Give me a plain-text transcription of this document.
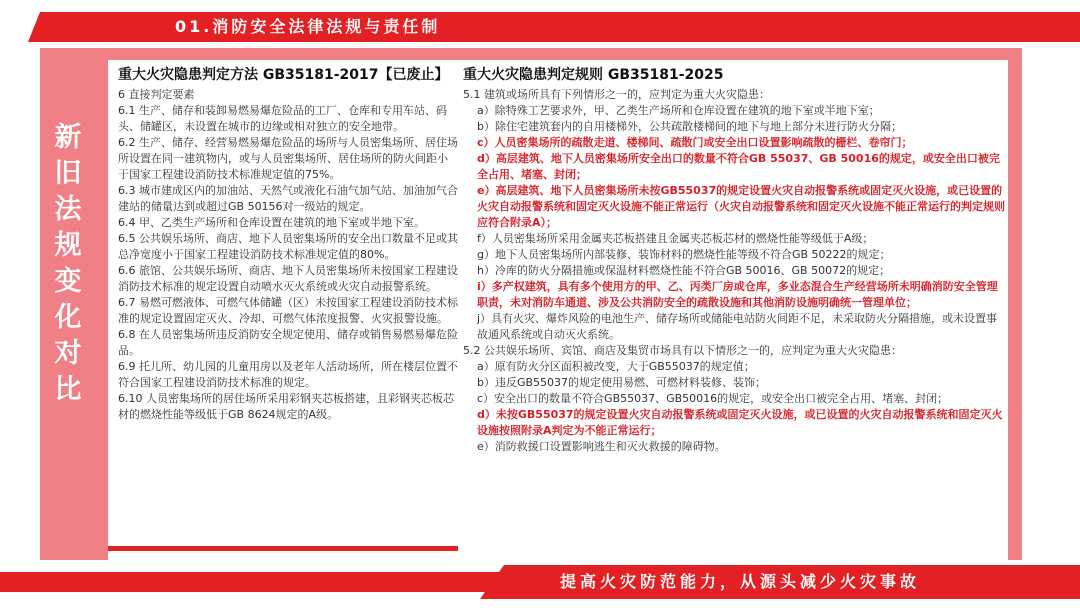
01.消防安全法律法规与责任制
新
旧
法
规
变
化
对
比
重大火灾隐患判定方法 GB35181-2017【已废止】
6 直接判定要素
6.1 生产、储存和装卸易燃易爆危险品的工厂、仓库和专用车站、码头、储罐区，未设置在城市的边缘或相对独立的安全地带。
6.2 生产、储存、经营易燃易爆危险品的场所与人员密集场所、居住场所设置在同一建筑物内，或与人员密集场所、居住场所的防火间距小于国家工程建设消防技术标准规定值的75%。
6.3 城市建成区内的加油站、天然气或液化石油气加气站、加油加气合建站的储量达到或超过GB 50156对一级站的规定。
6.4 甲、乙类生产场所和仓库设置在建筑的地下室或半地下室。
6.5 公共娱乐场所、商店、地下人员密集场所的安全出口数量不足或其总净宽度小于国家工程建设消防技术标准规定值的80%。
6.6 旅馆、公共娱乐场所、商店、地下人员密集场所未按国家工程建设消防技术标准的规定设置自动喷水灭火系统或火灾自动报警系统。
6.7 易燃可燃液体、可燃气体储罐（区）未按国家工程建设消防技术标准的规定设置固定灭火、冷却、可燃气体浓度报警、火灾报警设施。
6.8 在人员密集场所违反消防安全规定使用、储存或销售易燃易爆危险品。
6.9 托儿所、幼儿园的儿童用房以及老年人活动场所，所在楼层位置不符合国家工程建设消防技术标准的规定。
6.10 人员密集场所的居住场所采用彩钢夹芯板搭建，且彩钢夹芯板芯材的燃烧性能等级低于GB 8624规定的A级。
重大火灾隐患判定规则 GB35181-2025
5.1 建筑或场所具有下列情形之一的，应判定为重大火灾隐患：
a）除特殊工艺要求外，甲、乙类生产场所和仓库设置在建筑的地下室或半地下室；
b）除住宅建筑套内的自用楼梯外，公共疏散楼梯间的地下与地上部分未进行防火分隔；
c）人员密集场所的疏散走道、楼梯间、疏散门或安全出口设置影响疏散的栅栏、卷帘门；
d）高层建筑、地下人员密集场所安全出口的数量不符合GB 55037、GB 50016的规定，或安全出口被完全占用、堵塞、封闭；
e）高层建筑、地下人员密集场所未按GB55037的规定设置火灾自动报警系统或固定灭火设施，或已设置的火灾自动报警系统和固定灭火设施不能正常运行（火灾自动报警系统和固定灭火设施不能正常运行的判定规则应符合附录A）；
f）人员密集场所采用金属夹芯板搭建且金属夹芯板芯材的燃烧性能等级低于A级；
g）地下人员密集场所内部装修、装饰材料的燃烧性能等级不符合GB 50222的规定；
h）冷库的防火分隔措施或保温材料燃烧性能不符合GB 50016、GB 50072的规定；
i）多产权建筑，具有多个使用方的甲、乙、丙类厂房或仓库，多业态混合生产经营场所未明确消防安全管理职责，未对消防车通道、涉及公共消防安全的疏散设施和其他消防设施明确统一管理单位；
j）具有火灾、爆炸风险的电池生产、储存场所或储能电站防火间距不足，未采取防火分隔措施，或未设置事故通风系统或自动灭火系统。
5.2 公共娱乐场所、宾馆、商店及集贸市场具有以下情形之一的，应判定为重大火灾隐患：
a）原有防火分区面积被改变，大于GB55037的规定值；
b）违反GB55037的规定使用易燃、可燃材料装修、装饰；
c）安全出口的数量不符合GB55037、GB50016的规定，或安全出口被完全占用、堵塞、封闭；
d）未按GB55037的规定设置火灾自动报警系统或固定灭火设施，或已设置的火灾自动报警系统和固定灭火设施按照附录A判定为不能正常运行；
e）消防救援口设置影响逃生和灭火救援的障碍物。
提高火灾防范能力，从源头减少火灾事故
